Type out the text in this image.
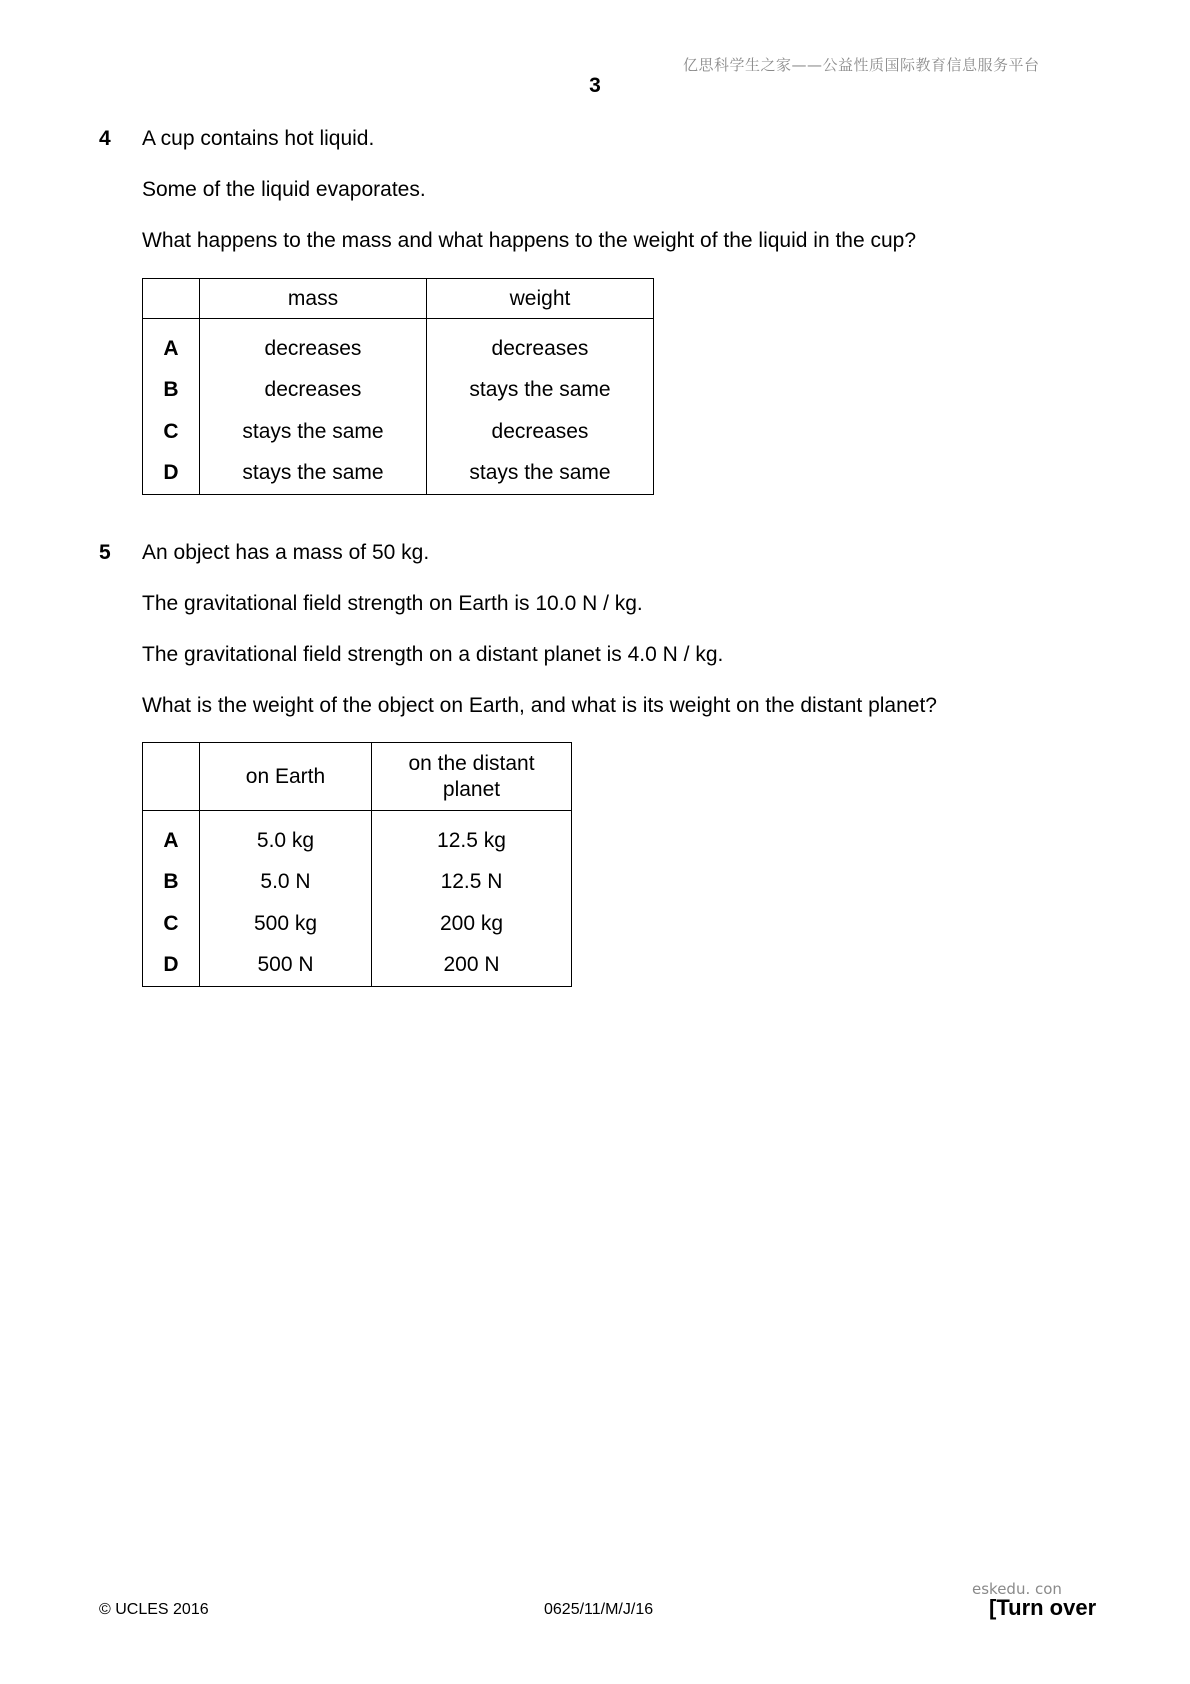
亿思科学生之家——公益性质国际教育信息服务平台
3
4 A cup contains hot liquid.
Some of the liquid evaporates.
What happens to the mass and what happens to the weight of the liquid in the cup?
	mass	weight
A	decreases	decreases
B	decreases	stays the same
C	stays the same	decreases
D	stays the same	stays the same
5 An object has a mass of 50 kg.
The gravitational field strength on Earth is 10.0 N / kg.
The gravitational field strength on a distant planet is 4.0 N / kg.
What is the weight of the object on Earth, and what is its weight on the distant planet?
	on Earth	on the distant planet
A	5.0 kg	12.5 kg
B	5.0 N	12.5 N
C	500 kg	200 kg
D	500 N	200 N
eskedu. con
© UCLES 2016	0625/11/M/J/16	[Turn over
